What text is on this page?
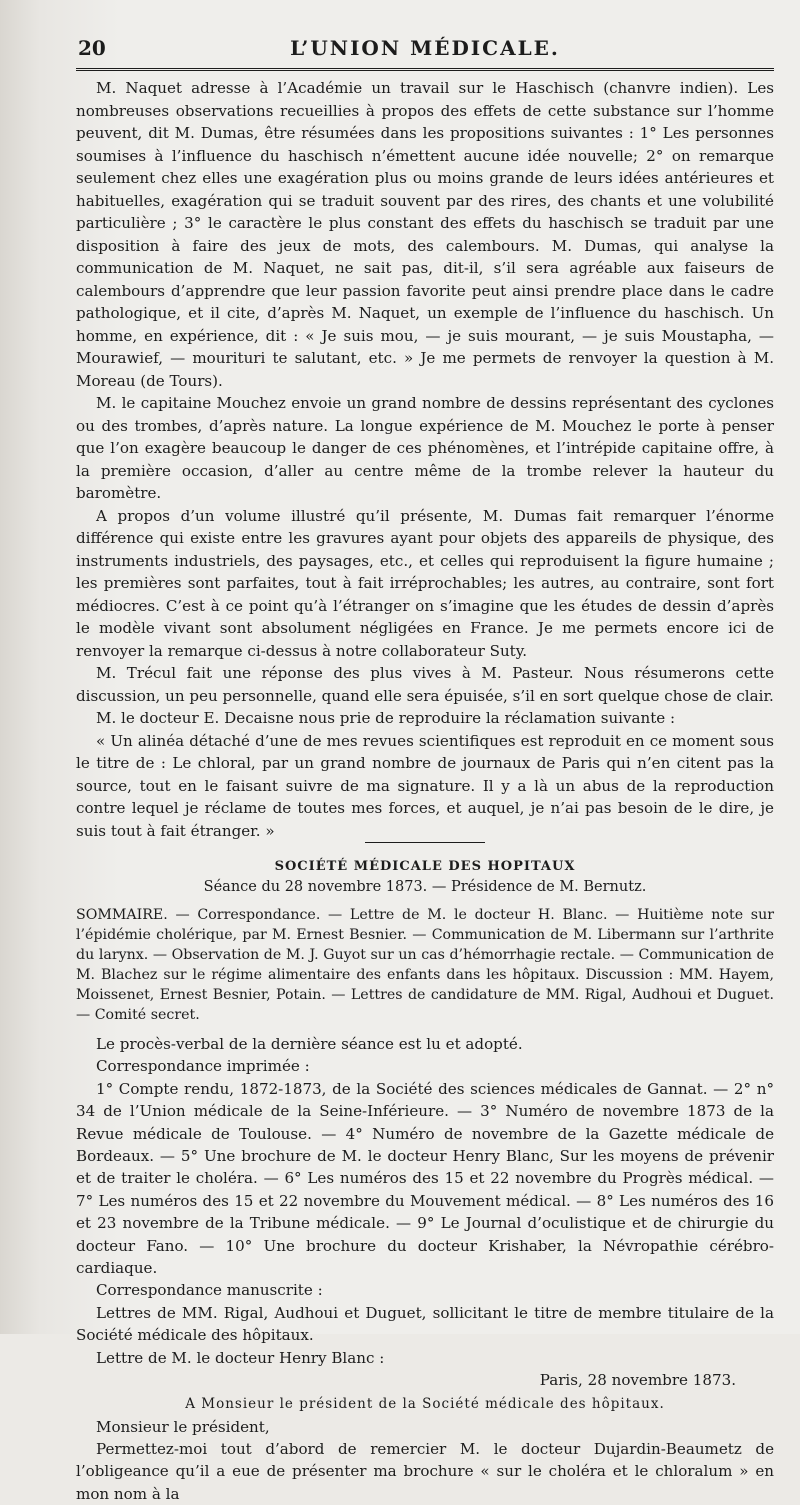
20	L’UNION MÉDICALE.

M. Naquet adresse à l’Académie un travail sur le Haschisch (chanvre indien). Les nombreuses observations recueillies à propos des effets de cette substance sur l’homme peuvent, dit M. Dumas, être résumées dans les propositions suivantes : 1° Les personnes soumises à l’influence du haschisch n’émettent aucune idée nouvelle; 2° on remarque seulement chez elles une exagération plus ou moins grande de leurs idées antérieures et habituelles, exagération qui se traduit souvent par des rires, des chants et une volubilité particulière ; 3° le caractère le plus constant des effets du haschisch se traduit par une disposition à faire des jeux de mots, des calembours. M. Dumas, qui analyse la communication de M. Naquet, ne sait pas, dit-il, s’il sera agréable aux faiseurs de calembours d’apprendre que leur passion favorite peut ainsi prendre place dans le cadre pathologique, et il cite, d’après M. Naquet, un exemple de l’influence du haschisch. Un homme, en expérience, dit : « Je suis mou, — je suis mourant, — je suis Moustapha, — Mourawief, — mourituri te salutant, etc. » Je me permets de renvoyer la question à M. Moreau (de Tours).

M. le capitaine Mouchez envoie un grand nombre de dessins représentant des cyclones ou des trombes, d’après nature. La longue expérience de M. Mouchez le porte à penser que l’on exagère beaucoup le danger de ces phénomènes, et l’intrépide capitaine offre, à la première occasion, d’aller au centre même de la trombe relever la hauteur du baromètre.

A propos d’un volume illustré qu’il présente, M. Dumas fait remarquer l’énorme différence qui existe entre les gravures ayant pour objets des appareils de physique, des instruments industriels, des paysages, etc., et celles qui reproduisent la figure humaine ; les premières sont parfaites, tout à fait irréprochables; les autres, au contraire, sont fort médiocres. C’est à ce point qu’à l’étranger on s’imagine que les études de dessin d’après le modèle vivant sont absolument négligées en France. Je me permets encore ici de renvoyer la remarque ci-dessus à notre collaborateur Suty.

M. Trécul fait une réponse des plus vives à M. Pasteur. Nous résumerons cette discussion, un peu personnelle, quand elle sera épuisée, s’il en sort quelque chose de clair.

M. le docteur E. Decaisne nous prie de reproduire la réclamation suivante :

« Un alinéa détaché d’une de mes revues scientifiques est reproduit en ce moment sous le titre de : Le chloral, par un grand nombre de journaux de Paris qui n’en citent pas la source, tout en le faisant suivre de ma signature. Il y a là un abus de la reproduction contre lequel je réclame de toutes mes forces, et auquel, je n’ai pas besoin de le dire, je suis tout à fait étranger. »

SOCIÉTÉ MÉDICALE DES HOPITAUX
Séance du 28 novembre 1873. — Présidence de M. Bernutz.
SOMMAIRE. — Correspondance. — Lettre de M. le docteur H. Blanc. — Huitième note sur l’épidémie cholérique, par M. Ernest Besnier. — Communication de M. Libermann sur l’arthrite du larynx. — Observation de M. J. Guyot sur un cas d’hémorrhagie rectale. — Communication de M. Blachez sur le régime alimentaire des enfants dans les hôpitaux. Discussion : MM. Hayem, Moissenet, Ernest Besnier, Potain. — Lettres de candidature de MM. Rigal, Audhoui et Duguet. — Comité secret.

Le procès-verbal de la dernière séance est lu et adopté.

Correspondance imprimée :

1° Compte rendu, 1872-1873, de la Société des sciences médicales de Gannat. — 2° n° 34 de l’Union médicale de la Seine-Inférieure. — 3° Numéro de novembre 1873 de la Revue médicale de Toulouse. — 4° Numéro de novembre de la Gazette médicale de Bordeaux. — 5° Une brochure de M. le docteur Henry Blanc, Sur les moyens de prévenir et de traiter le choléra. — 6° Les numéros des 15 et 22 novembre du Progrès médical. — 7° Les numéros des 15 et 22 novembre du Mouvement médical. — 8° Les numéros des 16 et 23 novembre de la Tribune médicale. — 9° Le Journal d’oculistique et de chirurgie du docteur Fano. — 10° Une brochure du docteur Krishaber, la Névropathie cérébro-cardiaque.

Correspondance manuscrite :

Lettres de MM. Rigal, Audhoui et Duguet, sollicitant le titre de membre titulaire de la Société médicale des hôpitaux.

Lettre de M. le docteur Henry Blanc :

Paris, 28 novembre 1873.
A Monsieur le président de la Société médicale des hôpitaux.

Monsieur le président,

Permettez-moi tout d’abord de remercier M. le docteur Dujardin-Beaumetz de l’obligeance qu’il a eue de présenter ma brochure « sur le choléra et le chloralum » en mon nom à la
